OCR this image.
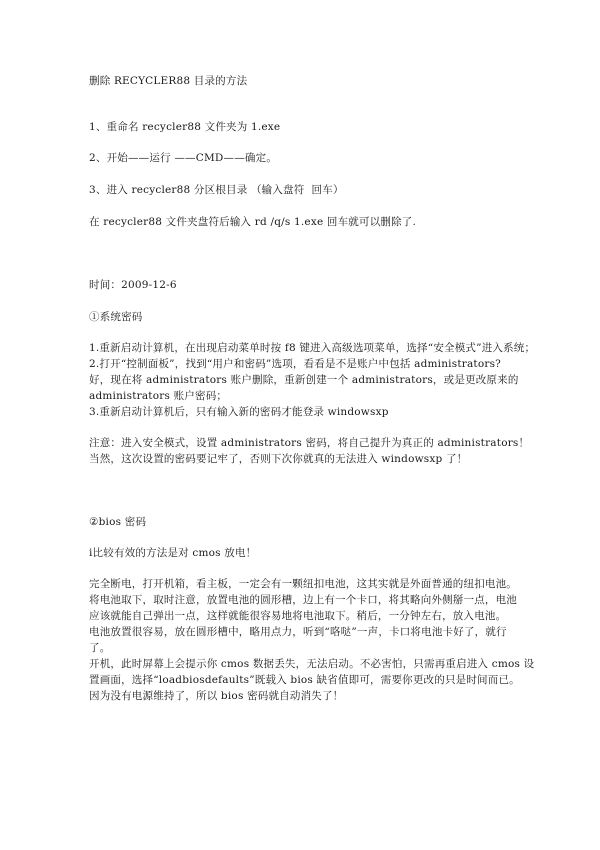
删除 RECYCLER88 目录的方法
1、重命名 recycler88 文件夹为 1.exe
2、开始——运行 ——CMD——确定。
3、进入 recycler88 分区根目录 （输入盘符  回车）
在 recycler88 文件夹盘符后输入 rd /q/s 1.exe 回车就可以删除了.
时间：2009-12-6
①系统密码
1.重新启动计算机，在出现启动菜单时按 f8 键进入高级选项菜单，选择“安全模式”进入系统；
2.打开“控制面板”，找到“用户和密码”选项，看看是不是账户中包括 administrators?
好，现在将 administrators 账户删除，重新创建一个 administrators，或是更改原来的
administrators 账户密码；
3.重新启动计算机后，只有输入新的密码才能登录 windowsxp
注意：进入安全模式，设置 administrators 密码，将自己提升为真正的 administrators！
当然，这次设置的密码要记牢了，否则下次你就真的无法进入 windowsxp 了！
②bios 密码
ⅰ比较有效的方法是对 cmos 放电！
完全断电，打开机箱，看主板，一定会有一颗纽扣电池，这其实就是外面普通的纽扣电池。
将电池取下，取时注意，放置电池的圆形槽，边上有一个卡口，将其略向外侧掰一点，电池
应该就能自己弹出一点，这样就能很容易地将电池取下。稍后，一分钟左右，放入电池。
电池放置很容易，放在圆形槽中，略用点力，听到“咯哒”一声，卡口将电池卡好了，就行
了。
开机，此时屏幕上会提示你 cmos 数据丢失，无法启动。不必害怕，只需再重启进入 cmos 设
置画面，选择“loadbiosdefaults”既载入 bios 缺省值即可，需要你更改的只是时间而已。
因为没有电源维持了，所以 bios 密码就自动消失了！
